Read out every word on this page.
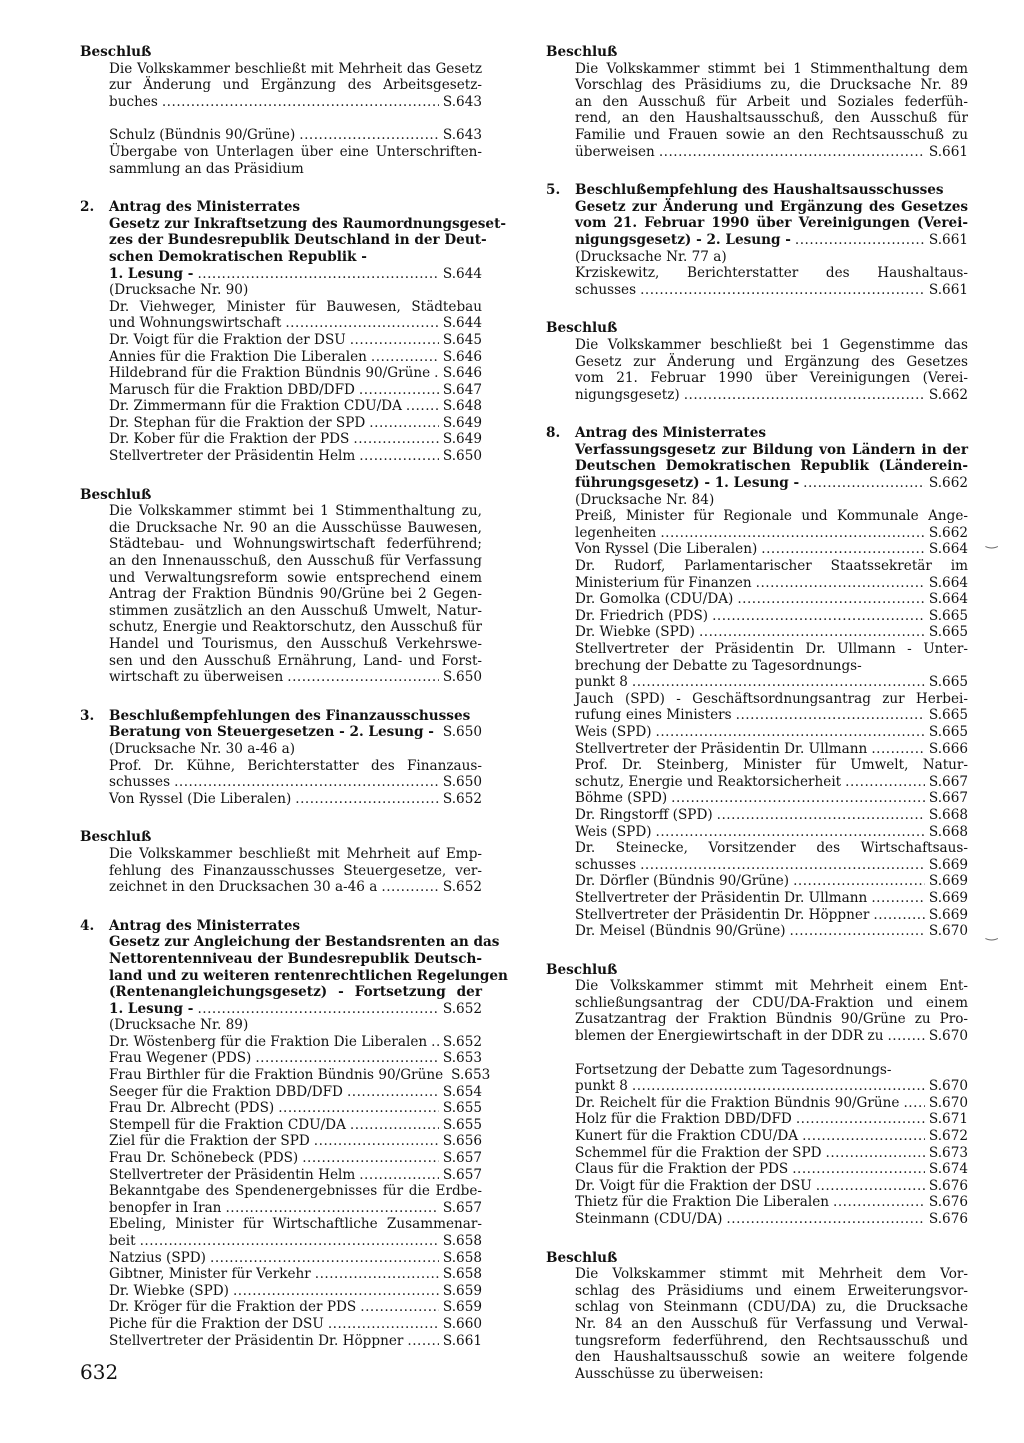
Beschluß
Die Volkskammer beschließt mit Mehrheit das Gesetz
zur Änderung und Ergänzung des Arbeitsgesetz-
buches .....	S.643
Schulz (Bündnis 90/Grüne) .....	S.643
Übergabe von Unterlagen über eine Unterschriften-
sammlung an das Präsidium
2.	Antrag des Ministerrates
Gesetz zur Inkraftsetzung des Raumordnungsgeset-
zes der Bundesrepublik Deutschland in der Deut-
schen Demokratischen Republik -
1. Lesung - .....	S.644
(Drucksache Nr. 90)
Dr. Viehweger, Minister für Bauwesen, Städtebau
und Wohnungswirtschaft .....	S.644
Dr. Voigt für die Fraktion der DSU .....	S.645
Annies für die Fraktion Die Liberalen .....	S.646
Hildebrand für die Fraktion Bündnis 90/Grüne ..... S.646
Marusch für die Fraktion DBD/DFD .....	S.647
Dr. Zimmermann für die Fraktion CDU/DA .....	S.648
Dr. Stephan für die Fraktion der SPD .....	S.649
Dr. Kober für die Fraktion der PDS .....	S.649
Stellvertreter der Präsidentin Helm .....	S.650
Beschluß
Die Volkskammer stimmt bei 1 Stimmenthaltung zu,
die Drucksache Nr. 90 an die Ausschüsse Bauwesen,
Städtebau- und Wohnungswirtschaft federführend;
an den Innenausschuß, den Ausschuß für Verfassung
und Verwaltungsreform sowie entsprechend einem
Antrag der Fraktion Bündnis 90/Grüne bei 2 Gegen-
stimmen zusätzlich an den Ausschuß Umwelt, Natur-
schutz, Energie und Reaktorschutz, den Ausschuß für
Handel und Tourismus, den Ausschuß Verkehrswe-
sen und den Ausschuß Ernährung, Land- und Forst-
wirtschaft zu überweisen .....	S.650
3.	Beschlußempfehlungen des Finanzausschusses
Beratung von Steuergesetzen - 2. Lesung - ..... S.650
(Drucksache Nr. 30 a-46 a)
Prof. Dr. Kühne, Berichterstatter des Finanzaus-
schusses .....	S.650
Von Ryssel (Die Liberalen) .....	S.652
Beschluß
Die Volkskammer beschließt mit Mehrheit auf Emp-
fehlung des Finanzausschusses Steuergesetze, ver-
zeichnet in den Drucksachen 30 a-46 a .....	S.652
4.	Antrag des Ministerrates
Gesetz zur Angleichung der Bestandsrenten an das
Nettorentenniveau der Bundesrepublik Deutsch-
land und zu weiteren rentenrechtlichen Regelungen
(Rentenangleichungsgesetz) - Fortsetzung der
1. Lesung - .....	S.652
(Drucksache Nr. 89)
Dr. Wöstenberg für die Fraktion Die Liberalen ..... S.652
Frau Wegener (PDS) .....	S.653
Frau Birthler für die Fraktion Bündnis 90/Grüne S.653
Seeger für die Fraktion DBD/DFD .....	S.654
Frau Dr. Albrecht (PDS) .....	S.655
Stempell für die Fraktion CDU/DA .....	S.655
Ziel für die Fraktion der SPD .....	S.656
Frau Dr. Schönebeck (PDS) .....	S.657
Stellvertreter der Präsidentin Helm .....	S.657
Bekanntgabe des Spendenergebnisses für die Erdbe-
benopfer in Iran .....	S.657
Ebeling, Minister für Wirtschaftliche Zusammenar-
beit .....	S.658
Natzius (SPD) .....	S.658
Gibtner, Minister für Verkehr .....	S.658
Dr. Wiebke (SPD) .....	S.659
Dr. Kröger für die Fraktion der PDS .....	S.659
Piche für die Fraktion der DSU .....	S.660
Stellvertreter der Präsidentin Dr. Höppner .....	S.661
Beschluß
Die Volkskammer stimmt bei 1 Stimmenthaltung dem
Vorschlag des Präsidiums zu, die Drucksache Nr. 89
an den Ausschuß für Arbeit und Soziales federfüh-
rend, an den Haushaltsausschuß, den Ausschuß für
Familie und Frauen sowie an den Rechtsausschuß zu
überweisen .....	S.661
5.	Beschlußempfehlung des Haushaltsausschusses
Gesetz zur Änderung und Ergänzung des Gesetzes
vom 21. Februar 1990 über Vereinigungen (Verei-
nigungsgesetz) - 2. Lesung - .....	S.661
(Drucksache Nr. 77 a)
Krziskewitz, Berichterstatter des Haushaltaus-
schusses .....	S.661
Beschluß
Die Volkskammer beschließt bei 1 Gegenstimme das
Gesetz zur Änderung und Ergänzung des Gesetzes
vom 21. Februar 1990 über Vereinigungen (Verei-
nigungsgesetz) .....	S.662
8.	Antrag des Ministerrates
Verfassungsgesetz zur Bildung von Ländern in der
Deutschen Demokratischen Republik (Länderein-
führungsgesetz) - 1. Lesung - .....	S.662
(Drucksache Nr. 84)
Preiß, Minister für Regionale und Kommunale Ange-
legenheiten .....	S.662
Von Ryssel (Die Liberalen) .....	S.664
Dr. Rudorf, Parlamentarischer Staatssekretär im
Ministerium für Finanzen .....	S.664
Dr. Gomolka (CDU/DA) .....	S.664
Dr. Friedrich (PDS) .....	S.665
Dr. Wiebke (SPD) .....	S.665
Stellvertreter der Präsidentin Dr. Ullmann - Unter-
brechung der Debatte zu Tagesordnungs-
punkt 8 .....	S.665
Jauch (SPD) - Geschäftsordnungsantrag zur Herbei-
rufung eines Ministers .....	S.665
Weis (SPD) .....	S.665
Stellvertreter der Präsidentin Dr. Ullmann .....	S.666
Prof. Dr. Steinberg, Minister für Umwelt, Natur-
schutz, Energie und Reaktorsicherheit .....	S.667
Böhme (SPD) .....	S.667
Dr. Ringstorff (SPD) .....	S.668
Weis (SPD) .....	S.668
Dr. Steinecke, Vorsitzender des Wirtschaftsaus-
schusses .....	S.669
Dr. Dörfler (Bündnis 90/Grüne) .....	S.669
Stellvertreter der Präsidentin Dr. Ullmann .....	S.669
Stellvertreter der Präsidentin Dr. Höppner .....	S.669
Dr. Meisel (Bündnis 90/Grüne) .....	S.670
Beschluß
Die Volkskammer stimmt mit Mehrheit einem Ent-
schließungsantrag der CDU/DA-Fraktion und einem
Zusatzantrag der Fraktion Bündnis 90/Grüne zu Pro-
blemen der Energiewirtschaft in der DDR zu .....	S.670
Fortsetzung der Debatte zum Tagesordnungs-
punkt 8 .....	S.670
Dr. Reichelt für die Fraktion Bündnis 90/Grüne ..... S.670
Holz für die Fraktion DBD/DFD .....	S.671
Kunert für die Fraktion CDU/DA .....	S.672
Schemmel für die Fraktion der SPD .....	S.673
Claus für die Fraktion der PDS .....	S.674
Dr. Voigt für die Fraktion der DSU .....	S.676
Thietz für die Fraktion Die Liberalen .....	S.676
Steinmann (CDU/DA) .....	S.676
Beschluß
Die Volkskammer stimmt mit Mehrheit dem Vor-
schlag des Präsidiums und einem Erweiterungsvor-
schlag von Steinmann (CDU/DA) zu, die Drucksache
Nr. 84 an den Ausschuß für Verfassung und Verwal-
tungsreform federführend, den Rechtsausschuß und
den Haushaltsausschuß sowie an weitere folgende
Ausschüsse zu überweisen:
‿
‿
632
